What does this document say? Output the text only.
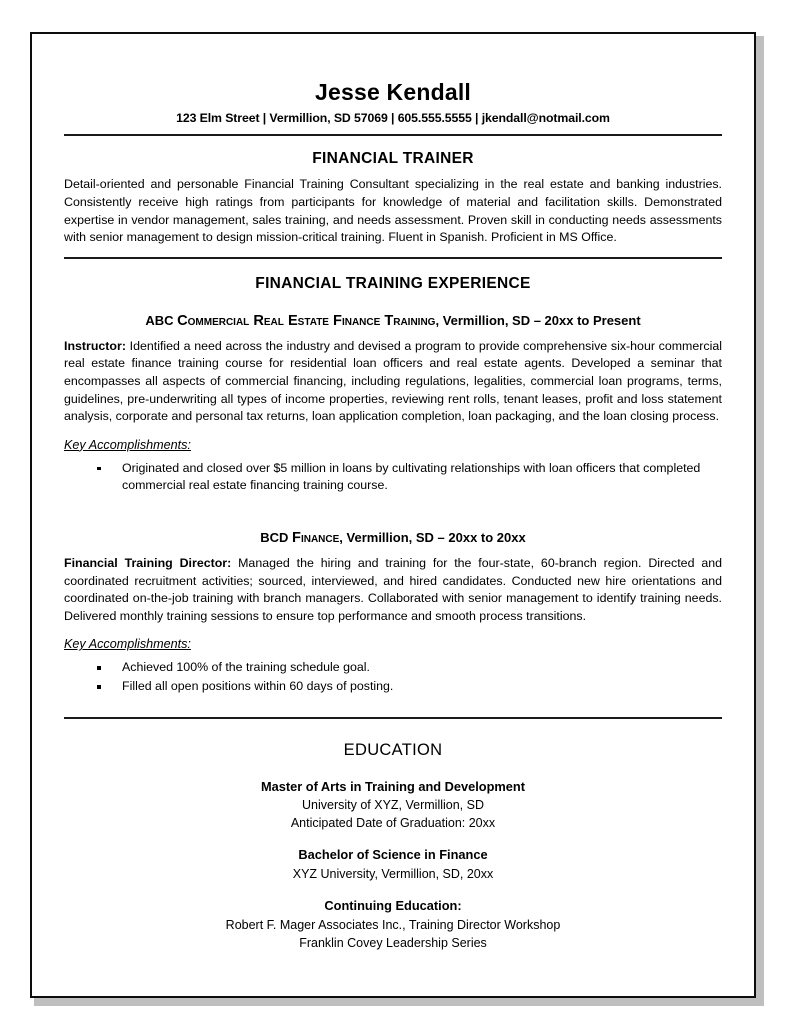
Jesse Kendall
123 Elm Street | Vermillion, SD 57069 | 605.555.5555 | jkendall@notmail.com
FINANCIAL TRAINER
Detail-oriented and personable Financial Training Consultant specializing in the real estate and banking industries. Consistently receive high ratings from participants for knowledge of material and facilitation skills. Demonstrated expertise in vendor management, sales training, and needs assessment. Proven skill in conducting needs assessments with senior management to design mission-critical training. Fluent in Spanish. Proficient in MS Office.
FINANCIAL TRAINING EXPERIENCE
ABC Commercial Real Estate Finance Training, Vermillion, SD – 20xx to Present
Instructor: Identified a need across the industry and devised a program to provide comprehensive six-hour commercial real estate finance training course for residential loan officers and real estate agents. Developed a seminar that encompasses all aspects of commercial financing, including regulations, legalities, commercial loan programs, terms, guidelines, pre-underwriting all types of income properties, reviewing rent rolls, tenant leases, profit and loss statement analysis, corporate and personal tax returns, loan application completion, loan packaging, and the loan closing process.
Key Accomplishments:
Originated and closed over $5 million in loans by cultivating relationships with loan officers that completed commercial real estate financing training course.
BCD Finance, Vermillion, SD – 20xx to 20xx
Financial Training Director: Managed the hiring and training for the four-state, 60-branch region. Directed and coordinated recruitment activities; sourced, interviewed, and hired candidates. Conducted new hire orientations and coordinated on-the-job training with branch managers. Collaborated with senior management to identify training needs. Delivered monthly training sessions to ensure top performance and smooth process transitions.
Key Accomplishments:
Achieved 100% of the training schedule goal.
Filled all open positions within 60 days of posting.
EDUCATION
Master of Arts in Training and Development
University of XYZ, Vermillion, SD
Anticipated Date of Graduation: 20xx
Bachelor of Science in Finance
XYZ University, Vermillion, SD, 20xx
Continuing Education:
Robert F. Mager Associates Inc., Training Director Workshop
Franklin Covey Leadership Series
